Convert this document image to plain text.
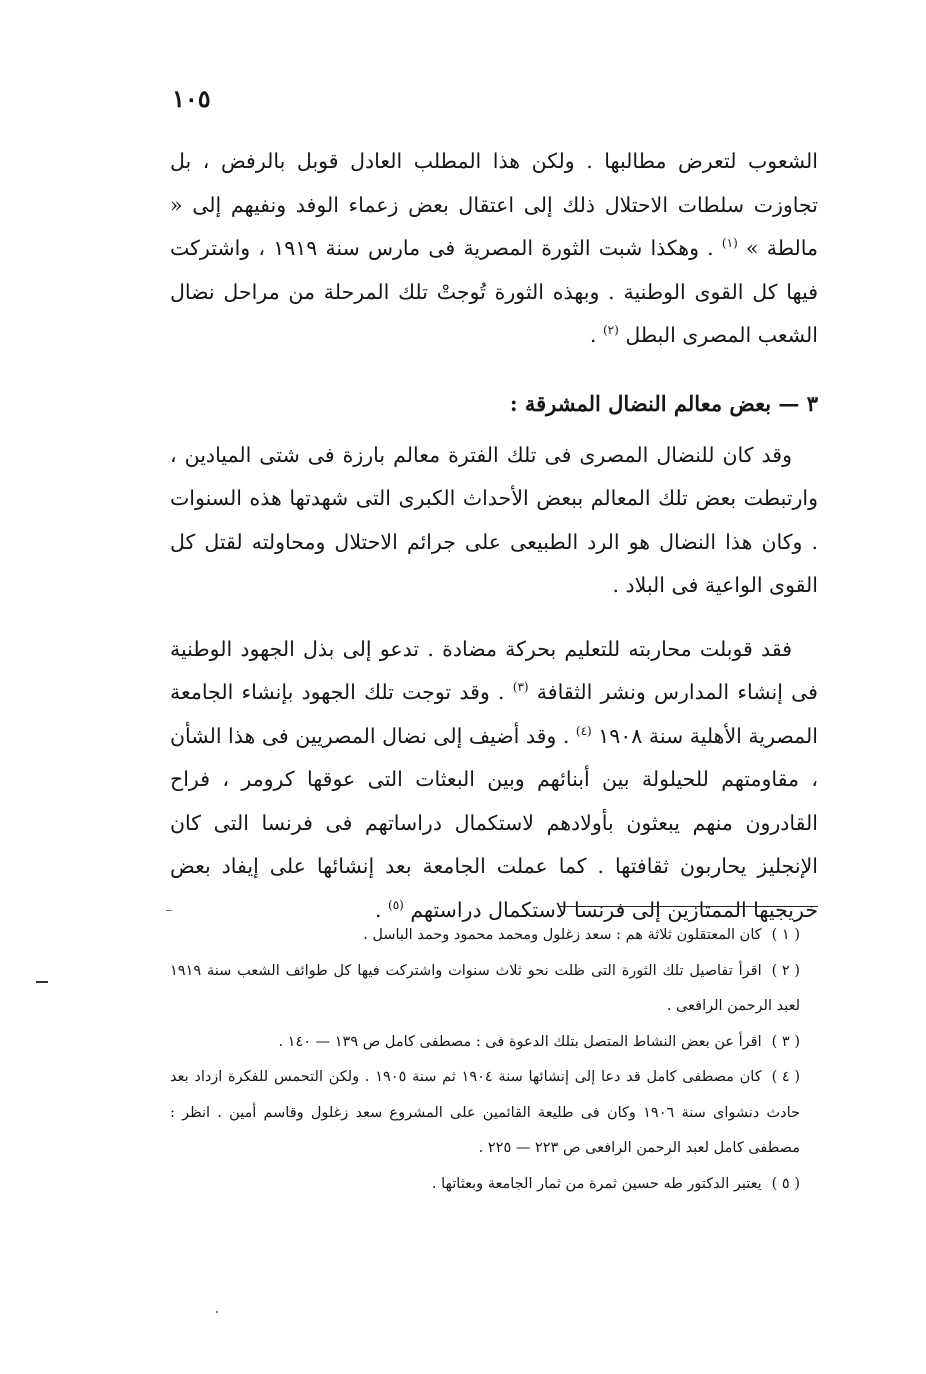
١٠٥

الشعوب لتعرض مطالبها . ولكن هذا المطلب العادل قوبل بالرفض ، بل تجاوزت سلطات الاحتلال ذلك إلى اعتقال بعض زعماء الوفد ونفيهم إلى « مالطة » $^{(١)}$ . وهكذا شبت الثورة المصرية فى مارس سنة ١٩١٩ ، واشتركت فيها كل القوى الوطنية . وبهذه الثورة تُوجتْ تلك المرحلة من مراحل نضال الشعب المصرى البطل $^{(٢)}$ .

٣ — بعض معالم النضال المشرقة :

وقد كان للنضال المصرى فى تلك الفترة معالم بارزة فى شتى الميادين ، وارتبطت بعض تلك المعالم ببعض الأحداث الكبرى التى شهدتها هذه السنوات . وكان هذا النضال هو الرد الطبيعى على جرائم الاحتلال ومحاولته لقتل كل القوى الواعية فى البلاد .

فقد قوبلت محاربته للتعليم بحركة مضادة . تدعو إلى بذل الجهود الوطنية فى إنشاء المدارس ونشر الثقافة $^{(٣)}$ . وقد توجت تلك الجهود بإنشاء الجامعة المصرية الأهلية سنة ١٩٠٨ $^{(٤)}$ . وقد أضيف إلى نضال المصريين فى هذا الشأن ، مقاومتهم للحيلولة بين أبنائهم وبين البعثات التى عوقها كرومر ، فراح القادرون منهم يبعثون بأولادهم لاستكمال دراساتهم فى فرنسا التى كان الإنجليز يحاربون ثقافتها . كما عملت الجامعة بعد إنشائها على إيفاد بعض خريجيها الممتازين إلى فرنسا لاستكمال دراستهم $^{(٥)}$ .

( ١ )كان المعتقلون ثلاثة هم : سعد زغلول ومحمد محمود وحمد الباسل .

( ٢ )اقرأ تفاصيل تلك الثورة التى ظلت نحو ثلاث سنوات واشتركت فيها كل طوائف الشعب سنة ١٩١٩ لعبد الرحمن الرافعى .

( ٣ )اقرأ عن بعض النشاط المتصل بتلك الدعوة فى : مصطفى كامل ص ١٣٩ — ١٤٠ .

( ٤ )كان مصطفى كامل قد دعا إلى إنشائها سنة ١٩٠٤ ثم سنة ١٩٠٥ . ولكن التحمس للفكرة ازداد بعد حادث دنشواى سنة ١٩٠٦ وكان فى طليعة القائمين على المشروع سعد زغلول وقاسم أمين . انظر : مصطفى كامل لعبد الرحمن الرافعى ص ٢٢٣ — ٢٢٥ .

( ٥ )يعتبر الدكتور طه حسين ثمرة من ثمار الجامعة وبعثاتها .
